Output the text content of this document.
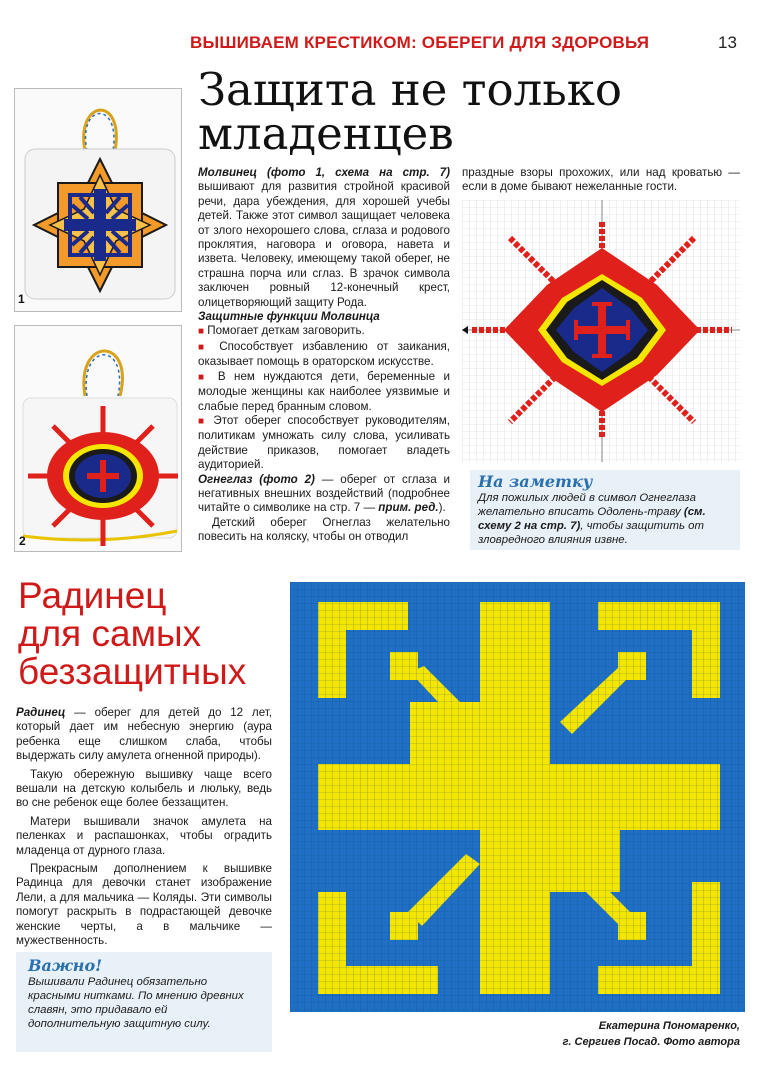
ВЫШИВАЕМ КРЕСТИКОМ: ОБЕРЕГИ ДЛЯ ЗДОРОВЬЯ	13
Защита не только
младенцев
1
2

Молвинец (фото 1, схема на стр. 7) вышивают для развития стройной красивой речи, дара убеждения, для хорошей учебы детей. Также этот символ защищает человека от злого нехорошего слова, сглаза и родового проклятия, наговора и оговора, навета и изветa. Человеку, имеющему такой оберег, не страшна порча или сглаз. В зрачок символа заключен ровный 12-конечный крест, олицетворяющий защиту Рода.

Защитные функции Молвинца

■ Помогает деткам заговорить.

■ Способствует избавлению от заикания, оказывает помощь в ораторском искусстве.

■ В нем нуждаются дети, беременные и молодые женщины как наиболее уязвимые и слабые перед бранным словом.

■ Этот оберег способствует руководителям, политикам умножать силу слова, усиливать действие приказов, помогает владеть аудиторией.

Огнеглаз (фото 2) — оберег от сглаза и негативных внешних воздействий (подробнее читайте о символике на стр. 7 — прим. ред.).

Детский оберег Огнеглаз желательно повесить на коляску, чтобы он отводил

праздные взоры прохожих, или над кроватью — если в доме бывают нежеланные гости.
На заметку
Для пожилых людей в символ Огнеглаза желательно вписать Одолень-траву (см. схему 2 на стр. 7), чтобы защитить от зловредного влияния извне.
Радинец
для самых
беззащитных

Радинец — оберег для детей до 12 лет, который дает им небесную энергию (аура ребенка еще слишком слаба, чтобы выдержать силу амулета огненной природы).

Такую обережную вышивку чаще всего вешали на детскую колыбель и люльку, ведь во сне ребенок еще более беззащитен.

Матери вышивали значок амулета на пеленках и распашонках, чтобы оградить младенца от дурного глаза.

Прекрасным дополнением к вышивке Радинца для девочки станет изображение Лели, а для мальчика — Коляды. Эти символы помогут раскрыть в подрастающей девочке женские черты, а в мальчике — мужественность.

Важно!
Вышивали Радинец обязательно красными нитками. По мнению древних славян, это придавало ей дополнительную защитную силу.	Екатерина Пономаренко,
г. Сергиев Посад. Фото автора
